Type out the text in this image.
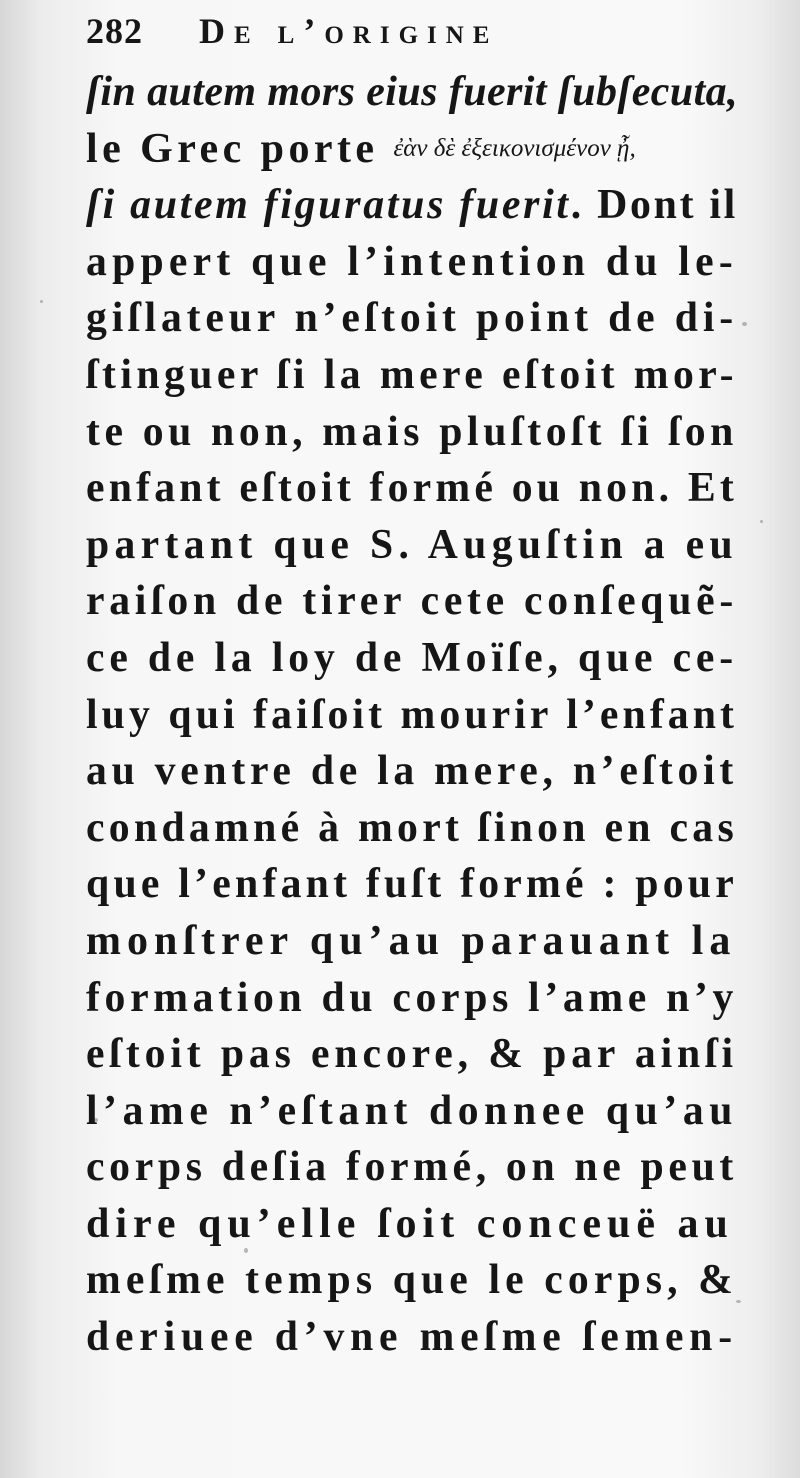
282 De l’origine
ſin autem mors eius fuerit ſubſecuta,
le Grec porte ἐὰν δὲ ἐξεικονισμένον ᾖ,
ſi autem figuratus fuerit. Dont il
appert que l’intention du le-
giſlateur n’eſtoit point de di-
ſtinguer ſi la mere eſtoit mor-
te ou non, mais pluſtoſt ſi ſon
enfant eſtoit formé ou non. Et
partant que S. Auguſtin a eu
raiſon de tirer cete conſequẽ-
ce de la loy de Moïſe, que ce-
luy qui faiſoit mourir l’enfant
au ventre de la mere, n’eſtoit
condamné à mort ſinon en cas
que l’enfant fuſt formé : pour
monſtrer qu’au parauant la
formation du corps l’ame n’y
eſtoit pas encore, & par ainſi
l’ame n’eſtant donnee qu’au
corps deſia formé, on ne peut
dire qu’elle ſoit conceuë au
meſme temps que le corps, &
deriuee d’vne meſme ſemen-
